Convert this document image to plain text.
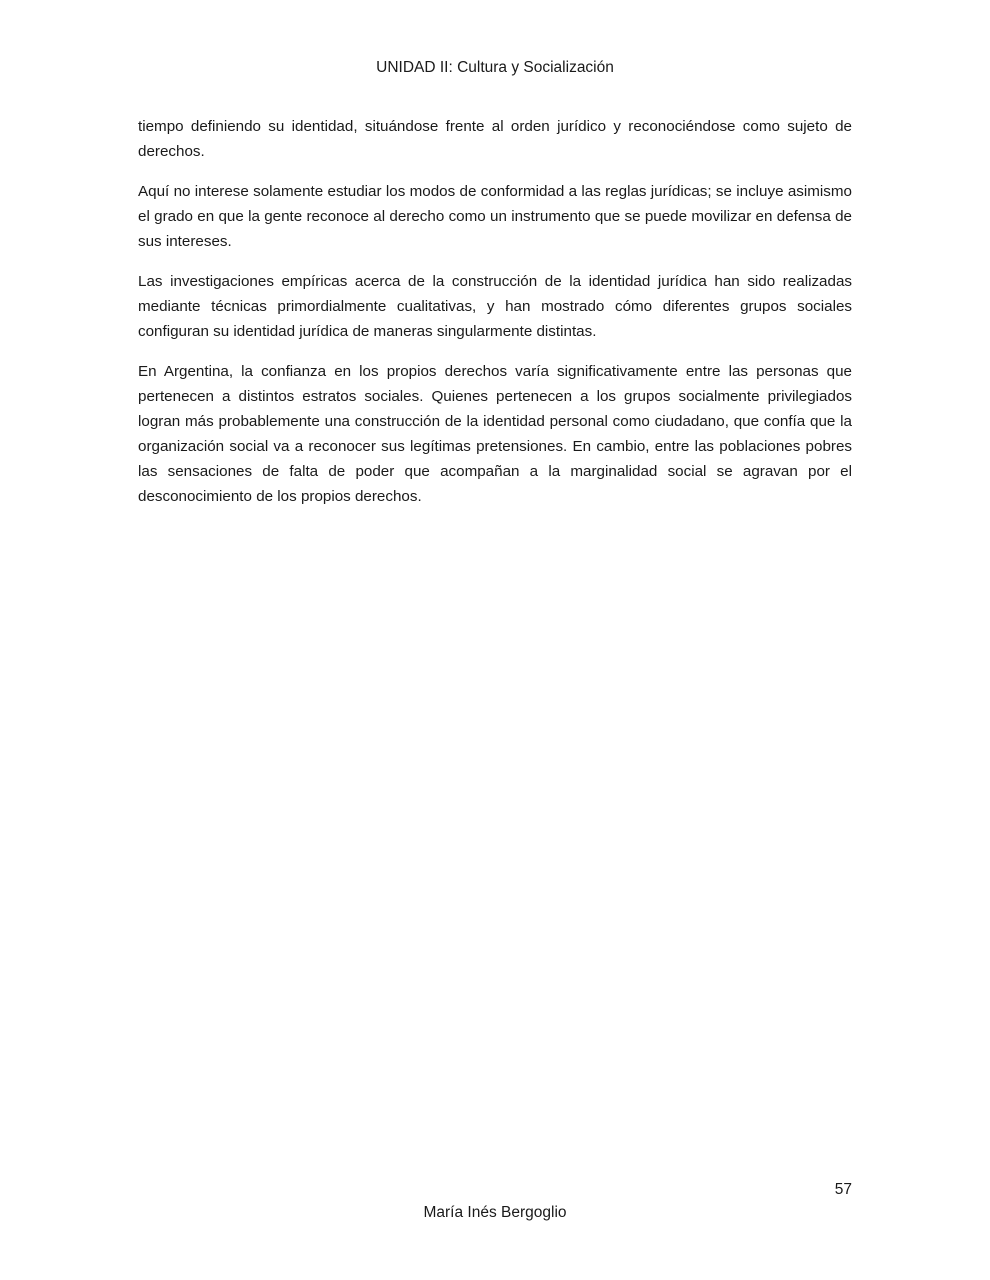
UNIDAD II: Cultura y Socialización

tiempo definiendo su identidad, situándose frente al orden jurídico y reconociéndose como sujeto de derechos.

Aquí no interese solamente estudiar los modos de conformidad a las reglas jurídicas; se incluye asimismo el grado en que la gente reconoce al derecho como un instrumento que se puede movilizar en defensa de sus intereses.

Las investigaciones empíricas acerca de la construcción de la identidad jurídica han sido realizadas mediante técnicas primordialmente cualitativas, y han mostrado cómo diferentes grupos sociales configuran su identidad jurídica de maneras singularmente distintas.

En Argentina, la confianza en los propios derechos varía significativamente entre las personas que pertenecen a distintos estratos sociales. Quienes pertenecen a los grupos socialmente privilegiados logran más probablemente una construcción de la identidad personal como ciudadano, que confía que la organización social va a reconocer sus legítimas pretensiones. En cambio, entre las poblaciones pobres las sensaciones de falta de poder que acompañan a la marginalidad social se agravan por el desconocimiento de los propios derechos.

57
María Inés Bergoglio
